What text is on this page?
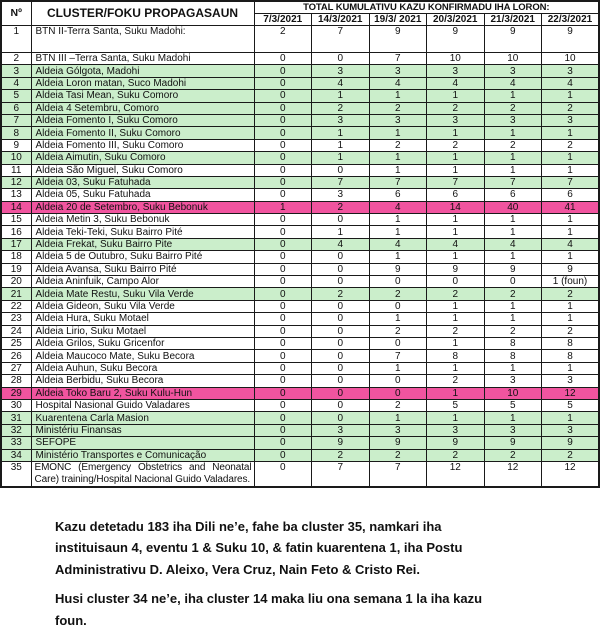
Nº	CLUSTER/FOKU PROPAGASAUN	TOTAL KUMULATIVU KAZU KONFIRMADU IHA LORON:					
		7/3/2021	14/3/2021	19/3/ 2021	20/3/2021	21/3/2021	22/3/2021
1	BTN II-Terra Santa, Suku Madohi:	2	7	9	9	9	9
2	BTN III –Terra Santa, Suku Madohi	0	0	7	10	10	10
3	Aldeia Gólgota, Madohi	0	3	3	3	3	3
4	Aldeia Loron matan, Suco Madohi	0	4	4	4	4	4
5	Aldeia Tasi Mean, Suku Comoro	0	1	1	1	1	1
6	Aldeia 4 Setembru, Comoro	0	2	2	2	2	2
7	Aldeia Fomento I, Suku Comoro	0	3	3	3	3	3
8	Aldeia Fomento II, Suku Comoro	0	1	1	1	1	1
9	Aldeia Fomento III, Suku Comoro	0	1	2	2	2	2
10	Aldeia Aimutin, Suku Comoro	0	1	1	1	1	1
11	Aldeia São Miguel, Suku Comoro	0	0	1	1	1	1
12	Aldeia 03, Suku Fatuhada	0	7	7	7	7	7
13	Aldeia 05, Suku Fatuhada	0	3	6	6	6	6
14	Aldeia 20 de Setembro, Suku Bebonuk	1	2	4	14	40	41
15	Aldeia Metin 3, Suku Bebonuk	0	0	1	1	1	1
16	Aldeia Teki-Teki, Suku Bairro Pité	0	1	1	1	1	1
17	Aldeia Frekat, Suku Bairro Pite	0	4	4	4	4	4
18	Aldeia 5 de Outubro, Suku Bairro Pité	0	0	1	1	1	1
19	Aldeia Avansa, Suku Bairro Pité	0	0	9	9	9	9
20	Aldeia Aninfuik, Campo Alor	0	0	0	0	0	1 (foun)
21	Aldeia Mate Restu, Suku Vila Verde	0	2	2	2	2	2
22	Aldeia Gideon, Suku Vila Verde	0	0	0	1	1	1
23	Aldeia Hura, Suku Motael	0	0	1	1	1	1
24	Aldeia Lirio, Suku Motael	0	0	2	2	2	2
25	Aldeia Grilos, Suku Gricenfor	0	0	0	1	8	8
26	Aldeia Maucoco Mate, Suku Becora	0	0	7	8	8	8
27	Aldeia Auhun, Suku Becora	0	0	1	1	1	1
28	Aldeia Berbidu, Suku Becora	0	0	0	2	3	3
29	Aldeia Toko Baru 2, Suku Kulu-Hun	0	0	0	1	10	12
30	Hospital Nasional Guido Valadares	0	0	2	5	5	5
31	Kuarentena Carla Masion	0	0	1	1	1	1
32	Ministériu Finansas	0	3	3	3	3	3
33	SEFOPE	0	9	9	9	9	9
34	Ministério Transportes e Comunicação	0	2	2	2	2	2
35	EMONC (Emergency Obstetrics and Neonatal Care) training/Hospital Nacional Guido Valadares.	0	7	7	12	12	12

Kazu detetadu 183 iha Dili ne’e, fahe ba cluster 35, namkari iha instituisaun 4, eventu 1 & Suku 10, & fatin kuarentena 1, iha Postu Administrativu D. Aleixo, Vera Cruz, Nain Feto & Cristo Rei.

Husi cluster 34 ne’e, iha cluster 14 maka liu ona semana 1 la iha kazu foun.
